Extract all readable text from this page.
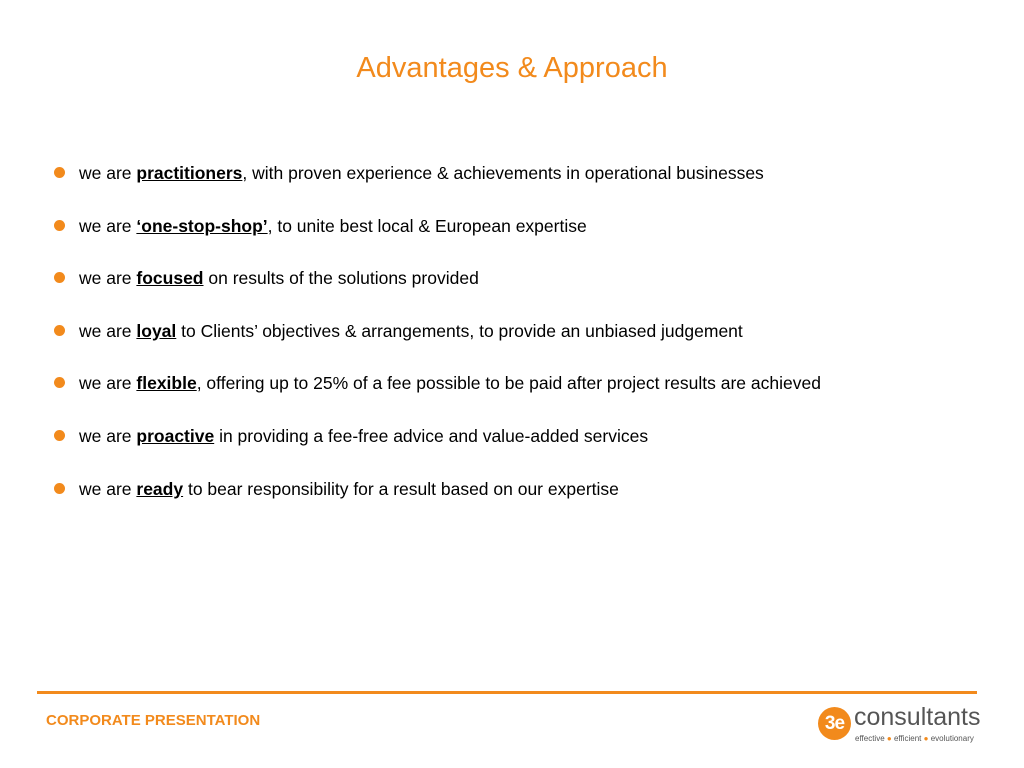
Advantages & Approach
we are practitioners, with proven experience & achievements in operational businesses
we are ‘one-stop-shop’, to unite best local & European expertise
we are focused on results of the solutions provided
we are loyal to Clients’ objectives & arrangements, to provide an unbiased judgement
we are flexible, offering up to 25% of a fee possible to be paid after project results are achieved
we are proactive in providing a fee-free advice and value-added services
we are ready to bear responsibility for a result based on our expertise
CORPORATE PRESENTATION	3e consultants
effective ● efficient ● evolutionary
